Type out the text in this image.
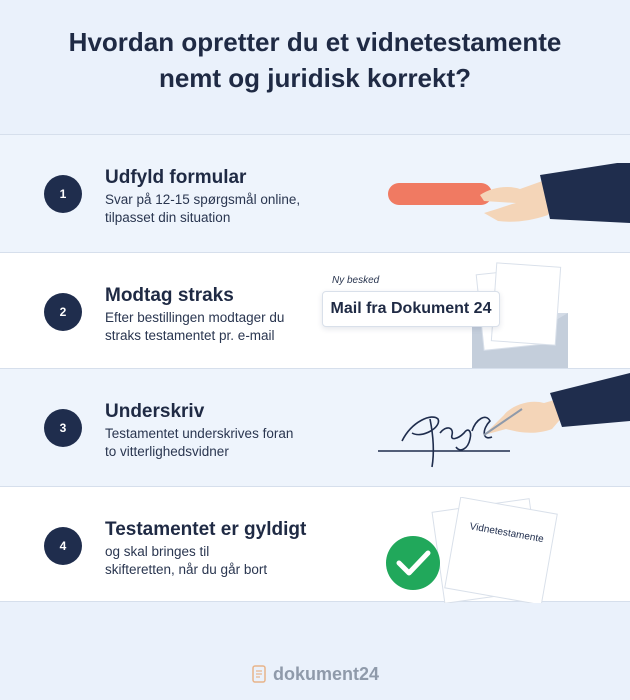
Hvordan opretter du et vidnetestamente
nemt og juridisk korrekt?
1
Udfyld formular
Svar på 12-15 spørgsmål online,
tilpasset din situation
2
Modtag straks
Efter bestillingen modtager du
straks testamentet pr. e-mail
Ny besked
Mail fra Dokument 24
3
Underskriv
Testamentet underskrives foran
to vitterlighedsvidner
4
Testamentet er gyldigt
og skal bringes til
skifteretten, når du går bort
Vidnetestamente
dokument24
